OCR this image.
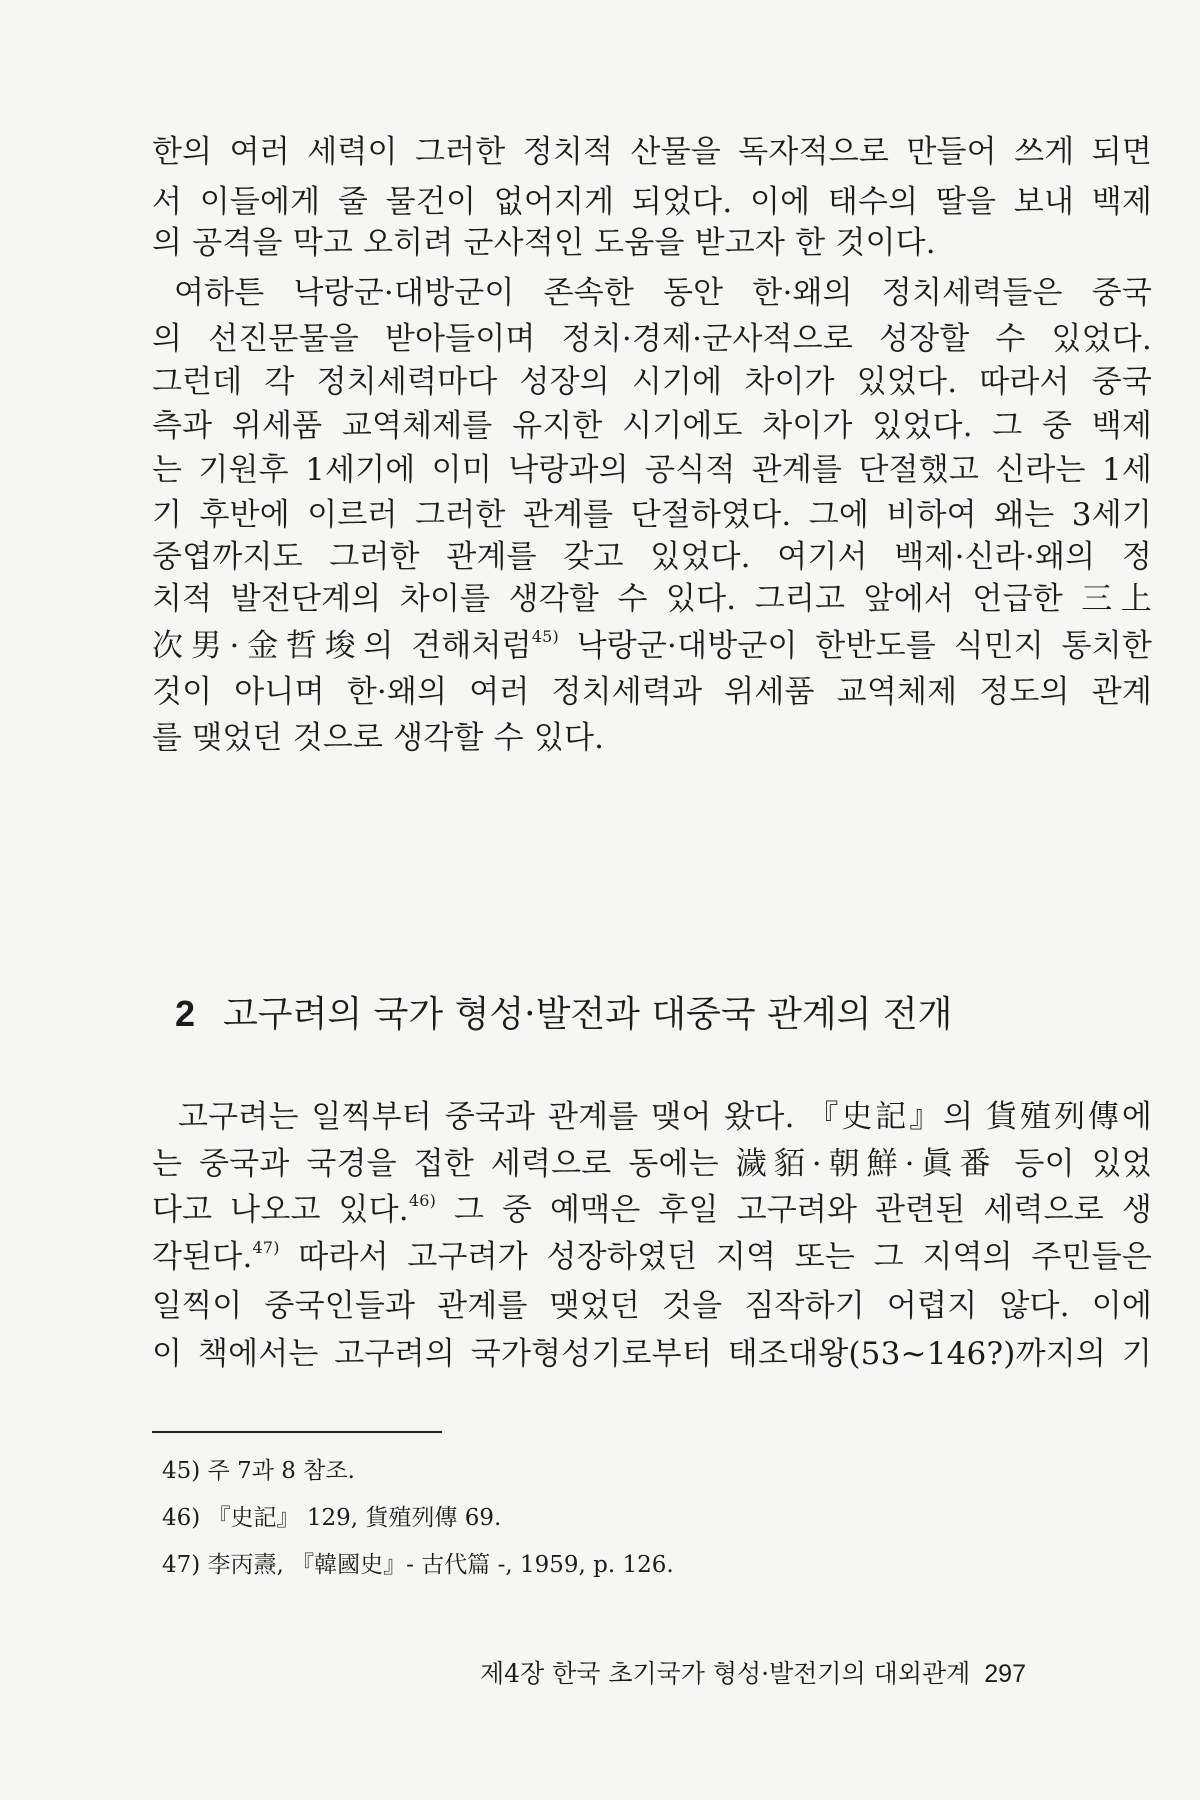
한의 여러 세력이 그러한 정치적 산물을 독자적으로 만들어 쓰게 되면
서 이들에게 줄 물건이 없어지게 되었다. 이에 태수의 딸을 보내 백제
의 공격을 막고 오히려 군사적인 도움을 받고자 한 것이다.
여하튼 낙랑군·대방군이 존속한 동안 한·왜의 정치세력들은 중국
의 선진문물을 받아들이며 정치·경제·군사적으로 성장할 수 있었다.
그런데 각 정치세력마다 성장의 시기에 차이가 있었다. 따라서 중국
측과 위세품 교역체제를 유지한 시기에도 차이가 있었다. 그 중 백제
는 기원후 1세기에 이미 낙랑과의 공식적 관계를 단절했고 신라는 1세
기 후반에 이르러 그러한 관계를 단절하였다. 그에 비하여 왜는 3세기
중엽까지도 그러한 관계를 갖고 있었다. 여기서 백제·신라·왜의 정
치적 발전단계의 차이를 생각할 수 있다. 그리고 앞에서 언급한 三上
次男·金哲埈의 견해처럼$^{45)}$ 낙랑군·대방군이 한반도를 식민지 통치한
것이 아니며 한·왜의 여러 정치세력과 위세품 교역체제 정도의 관계
를 맺었던 것으로 생각할 수 있다.
2 고구려의 국가 형성·발전과 대중국 관계의 전개
고구려는 일찍부터 중국과 관계를 맺어 왔다. 『史記』의 貨殖列傳에
는 중국과 국경을 접한 세력으로 동에는 濊貊·朝鮮·眞番 등이 있었
다고 나오고 있다.$^{46)}$ 그 중 예맥은 후일 고구려와 관련된 세력으로 생
각된다.$^{47)}$ 따라서 고구려가 성장하였던 지역 또는 그 지역의 주민들은
일찍이 중국인들과 관계를 맺었던 것을 짐작하기 어렵지 않다. 이에
이 책에서는 고구려의 국가형성기로부터 태조대왕(53~146?)까지의 기
45) 주 7과 8 참조.
46) 『史記』 129, 貨殖列傳 69.
47) 李丙燾, 『韓國史』- 古代篇 -, 1959, p. 126.
제4장 한국 초기국가 형성·발전기의 대외관계 297
